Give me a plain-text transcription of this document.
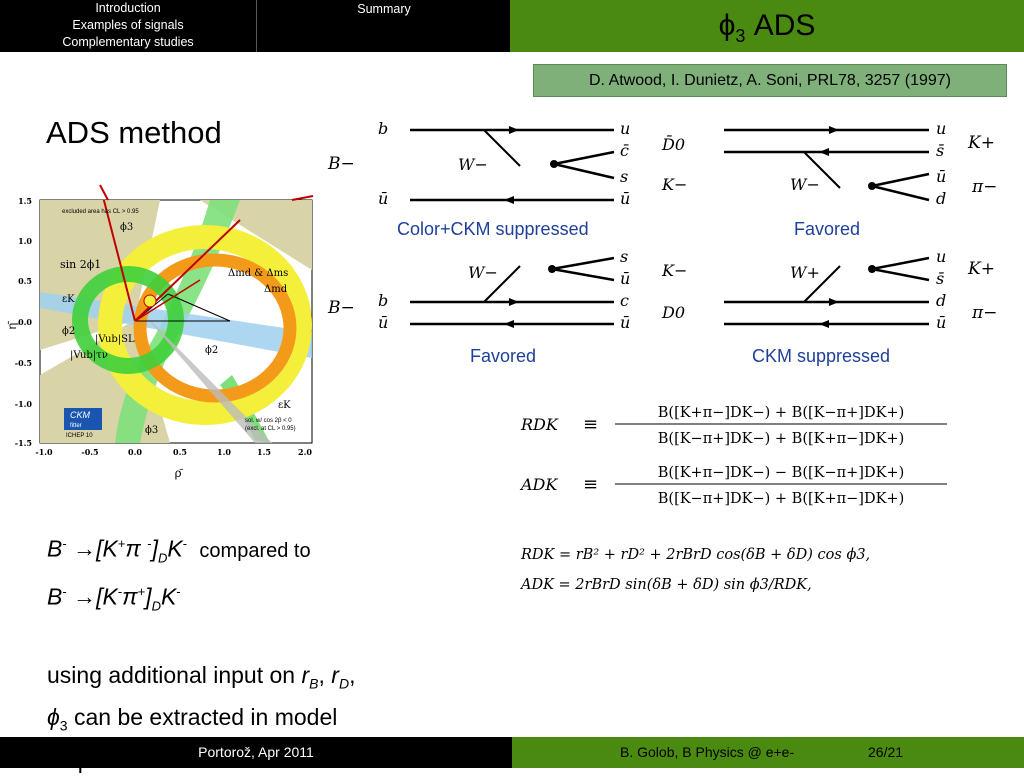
Introduction
Examples of signals
Complementary studies
Summary	$\phi_3$ ADS
D. Atwood, I. Dunietz, A. Soni, PRL78, 3257 (1997)
ADS method
excluded area has CL > 0.95
ϕ3
sin 2ϕ1
Δmd & Δms
Δmd
εK
ϕ2
|Vub|SL
|Vub|τν	ϕ2
εK
ϕ3
sol. w/ cos 2β < 0
(excl. at CL > 0.95)
CKM
fitter
ICHEP 10
1.5
1.0
0.5
0.0
-0.5
-1.0
-1.5
-1.0	-0.5	0.0	0.5	1.0	1.5	2.0
ρ̄
η̄
B−
b
ū
W−
u
c̄
s
ū
Color+CKM suppressed
D̄0
K−	W−
u
s̄
ū
d
K+
π−
Favored
B− b
ū
W−
s
ū
c
ū
Favored
K−
D0
W+
u
s̄
d
ū
K+
π−
CKM suppressed
RDK ≡
B([K+π−]DK−) + B([K−π+]DK+)
B([K−π+]DK−) + B([K+π−]DK+)
ADK ≡
B([K+π−]DK−) − B([K−π+]DK+)
B([K−π+]DK−) + B([K+π−]DK+)
RDK = rB² + rD² + 2rBrD cos(δB + δD) cos ϕ3,
ADK = 2rBrD sin(δB + δD) sin ϕ3/RDK,
B- →[K+π $^-]_DK^-$ compared to
$B^- \to[K^-\pi^+]_DK^-$
using additional input on $r_B$, $r_D$,
$\phi_3$ can be extracted in model
Portorož, Apr 2011	B. Golob, B Physics @ e+e-	26/21
